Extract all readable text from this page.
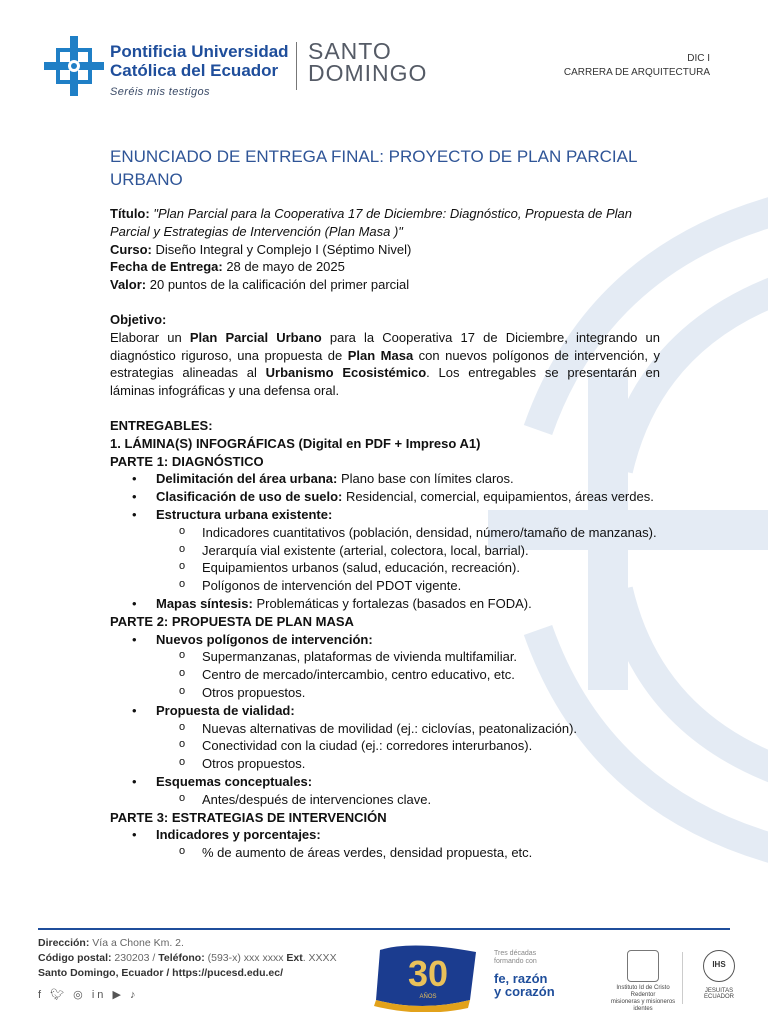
Pontificia Universidad
Católica del Ecuador
Seréis mis testigos
SANTO
DOMINGO
DIC I
CARRERA DE ARQUITECTURA
ENUNCIADO DE ENTREGA FINAL: PROYECTO DE PLAN PARCIAL URBANO

Título: "Plan Parcial para la Cooperativa 17 de Diciembre: Diagnóstico, Propuesta de Plan Parcial y Estrategias de Intervención (Plan Masa )"

Curso: Diseño Integral y Complejo I (Séptimo Nivel)

Fecha de Entrega: 28 de mayo de 2025

Valor: 20 puntos de la calificación del primer parcial

Objetivo:

Elaborar un Plan Parcial Urbano para la Cooperativa 17 de Diciembre, integrando un diagnóstico riguroso, una propuesta de Plan Masa con nuevos polígonos de intervención, y estrategias alineadas al Urbanismo Ecosistémico. Los entregables se presentarán en láminas infográficas y una defensa oral.

ENTREGABLES:

1. LÁMINA(S) INFOGRÁFICAS (Digital en PDF + Impreso A1)

PARTE 1: DIAGNÓSTICO

• Delimitación del área urbana: Plano base con límites claros.
• Clasificación de uso de suelo: Residencial, comercial, equipamientos, áreas verdes.
• Estructura urbana existente:
o Indicadores cuantitativos (población, densidad, número/tamaño de manzanas).
o Jerarquía vial existente (arterial, colectora, local, barrial).
o Equipamientos urbanos (salud, educación, recreación).
o Polígonos de intervención del PDOT vigente.
• Mapas síntesis: Problemáticas y fortalezas (basados en FODA).

PARTE 2: PROPUESTA DE PLAN MASA

• Nuevos polígonos de intervención:
o Supermanzanas, plataformas de vivienda multifamiliar.
o Centro de mercado/intercambio, centro educativo, etc.
o Otros propuestos.
• Propuesta de vialidad:
o Nuevas alternativas de movilidad (ej.: ciclovías, peatonalización).
o Conectividad con la ciudad (ej.: corredores interurbanos).
o Otros propuestos.
• Esquemas conceptuales:
o Antes/después de intervenciones clave.

PARTE 3: ESTRATEGIAS DE INTERVENCIÓN

• Indicadores y porcentajes:
o % de aumento de áreas verdes, densidad propuesta, etc.
Dirección: Vía a Chone Km. 2.
Código postal: 230203 / Teléfono: (593-x) xxx xxxx Ext. XXXX
Santo Domingo, Ecuador / https://pucesd.edu.ec/
f 🐦︎ ◎ in ▶ ♪
30
AÑOS
Tres décadas
formando con
fe, razón
y corazón	Instituto Id de Cristo Redentor
misioneras y misioneros identes
IHS
JESUITAS ECUADOR
